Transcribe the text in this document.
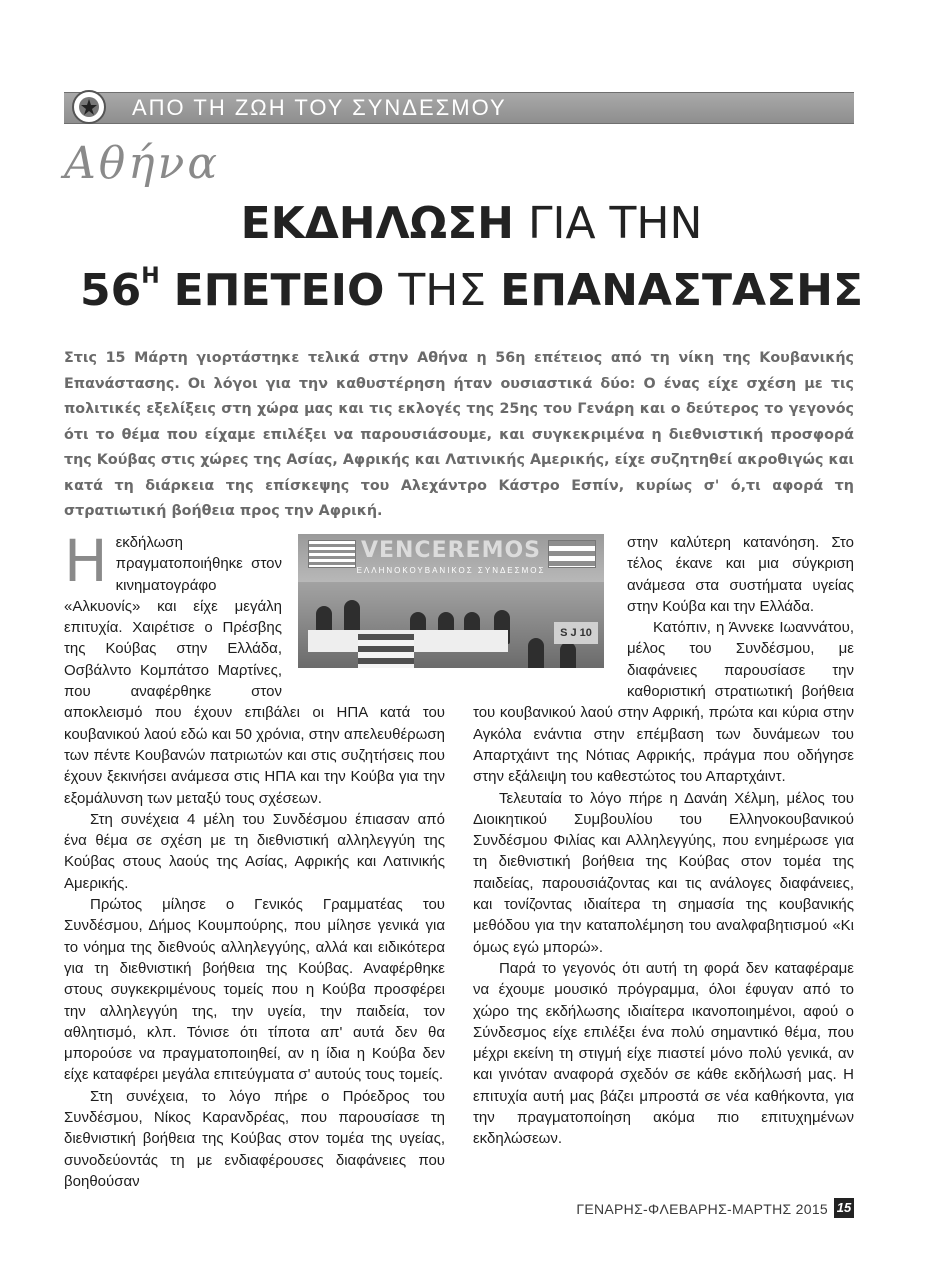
ΑΠΟ ΤΗ ΖΩΗ ΤΟΥ ΣΥΝΔΕΣΜΟΥ
Αθήνα
ΕΚΔΗΛΩΣΗ ΓΙΑ ΤΗΝ
$56^H$ ΕΠΕΤΕΙΟ ΤΗΣ ΕΠΑΝΑΣΤΑΣΗΣ
Στις 15 Μάρτη γιορτάστηκε τελικά στην Αθήνα η 56η επέτειος από τη νίκη της Κουβανικής Επανάστασης. Οι λόγοι για την καθυστέρηση ήταν ουσιαστικά δύο: Ο ένας είχε σχέση με τις πολιτικές εξελίξεις στη χώρα μας και τις εκλογές της 25ης του Γενάρη και ο δεύτερος το γεγονός ότι το θέμα που είχαμε επιλέξει να παρουσιάσουμε, και συγκεκριμένα η διεθνιστική προσφορά της Κούβας στις χώρες της Ασίας, Αφρικής και Λατινικής Αμερικής, είχε συζητηθεί ακροθιγώς και κατά τη διάρκεια της επίσκεψης του Αλεχάντρο Κάστρο Εσπίν, κυρίως σ' ό,τι αφορά τη στρατιωτική βοήθεια προς την Αφρική.
VENCEREMOS
ΕΛΛΗΝΟΚΟΥΒΑΝΙΚΟΣ ΣΥΝΔΕΣΜΟΣ
S J 10

Ηεκδήλωση πραγματοποιήθηκε στον κινηματογράφο «Αλκυονίς» και είχε μεγάλη επιτυχία. Χαιρέτισε ο Πρέσβης της Κούβας στην Ελλάδα, Οσβάλντο Κομπάτσο Μαρτίνες, που αναφέρθηκε στον αποκλεισμό που έχουν επιβάλει οι ΗΠΑ κατά του κουβανικού λαού εδώ και 50 χρόνια, στην απελευθέρωση των πέντε Κουβανών πατριωτών και στις συζητήσεις που έχουν ξεκινήσει ανάμεσα στις ΗΠΑ και την Κούβα για την εξομάλυνση των μεταξύ τους σχέσεων.

Στη συνέχεια 4 μέλη του Συνδέσμου έπιασαν από ένα θέμα σε σχέση με τη διεθνιστική αλληλεγγύη της Κούβας στους λαούς της Ασίας, Αφρικής και Λατινικής Αμερικής.

Πρώτος μίλησε ο Γενικός Γραμματέας του Συνδέσμου, Δήμος Κουμπούρης, που μίλησε γενικά για το νόημα της διεθνούς αλληλεγγύης, αλλά και ειδικότερα για τη διεθνιστική βοήθεια της Κούβας. Αναφέρθηκε στους συγκεκριμένους τομείς που η Κούβα προσφέρει την αλληλεγγύη της, την υγεία, την παιδεία, τον αθλητισμό, κλπ. Τόνισε ότι τίποτα απ' αυτά δεν θα μπορούσε να πραγματοποιηθεί, αν η ίδια η Κούβα δεν είχε καταφέρει μεγάλα επιτεύγματα σ' αυτούς τους τομείς.

Στη συνέχεια, το λόγο πήρε ο Πρόεδρος του Συνδέσμου, Νίκος Καρανδρέας, που παρουσίασε τη διεθνιστική βοήθεια της Κούβας στον τομέα της υγείας, συνοδεύοντάς τη με ενδιαφέρουσες διαφάνειες που βοηθούσαν

στην καλύτερη κατανόηση. Στο τέλος έκανε και μια σύγκριση ανάμεσα στα συστήματα υγείας στην Κούβα και την Ελλάδα.

Κατόπιν, η Άννεκε Ιωαννάτου, μέλος του Συνδέσμου, με διαφάνειες παρουσίασε την καθοριστική στρατιωτική βοήθεια του κουβανικού λαού στην Αφρική, πρώτα και κύρια στην Αγκόλα ενάντια στην επέμβαση των δυνάμεων του Απαρτχάιντ της Νότιας Αφρικής, πράγμα που οδήγησε στην εξάλειψη του καθεστώτος του Απαρτχάιντ.

Τελευταία το λόγο πήρε η Δανάη Χέλμη, μέλος του Διοικητικού Συμβουλίου του Ελληνοκουβανικού Συνδέσμου Φιλίας και Αλληλεγγύης, που ενημέρωσε για τη διεθνιστική βοήθεια της Κούβας στον τομέα της παιδείας, παρουσιάζοντας και τις ανάλογες διαφάνειες, και τονίζοντας ιδιαίτερα τη σημασία της κουβανικής μεθόδου για την καταπολέμηση του αναλφαβητισμού «Κι όμως εγώ μπορώ».

Παρά το γεγονός ότι αυτή τη φορά δεν καταφέραμε να έχουμε μουσικό πρόγραμμα, όλοι έφυγαν από το χώρο της εκδήλωσης ιδιαίτερα ικανοποιημένοι, αφού ο Σύνδεσμος είχε επιλέξει ένα πολύ σημαντικό θέμα, που μέχρι εκείνη τη στιγμή είχε πιαστεί μόνο πολύ γενικά, αν και γινόταν αναφορά σχεδόν σε κάθε εκδήλωσή μας. Η επιτυχία αυτή μας βάζει μπροστά σε νέα καθήκοντα, για την πραγματοποίηση ακόμα πιο επιτυχημένων εκδηλώσεων.

ΓΕΝΑΡΗΣ-ΦΛΕΒΑΡΗΣ-ΜΑΡΤΗΣ 2015 15
